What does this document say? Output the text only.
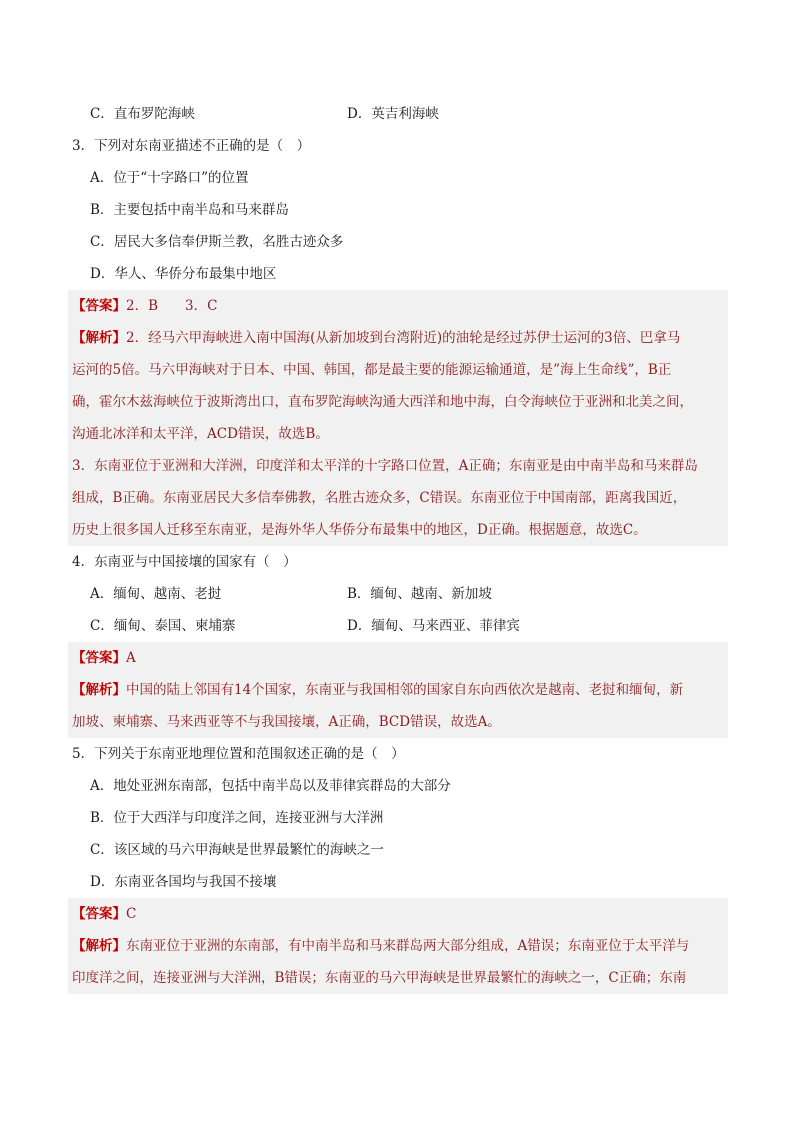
C．直布罗陀海峡	D．英吉利海峡
3．下列对东南亚描述不正确的是（　）
A．位于“十字路口”的位置
B．主要包括中南半岛和马来群岛
C．居民大多信奉伊斯兰教，名胜古迹众多
D．华人、华侨分布最集中地区
【答案】2．B　　3．C
【解析】2．经马六甲海峡进入南中国海(从新加坡到台湾附近)的油轮是经过苏伊士运河的3倍、巴拿马
运河的5倍。马六甲海峡对于日本、中国、韩国，都是最主要的能源运输通道，是”海上生命线”，B正
确，霍尔木兹海峡位于波斯湾出口，直布罗陀海峡沟通大西洋和地中海，白令海峡位于亚洲和北美之间，
沟通北冰洋和太平洋，ACD错误，故选B。
3．东南亚位于亚洲和大洋洲，印度洋和太平洋的十字路口位置，A正确；东南亚是由中南半岛和马来群岛
组成，B正确。东南亚居民大多信奉佛教，名胜古迹众多，C错误。东南亚位于中国南部，距离我国近，
历史上很多国人迁移至东南亚，是海外华人华侨分布最集中的地区，D正确。根据题意，故选C。
4．东南亚与中国接壤的国家有（　）
A．缅甸、越南、老挝	B．缅甸、越南、新加坡
C．缅甸、泰国、柬埔寨	D．缅甸、马来西亚、菲律宾
【答案】A
【解析】中国的陆上邻国有14个国家，东南亚与我国相邻的国家自东向西依次是越南、老挝和缅甸，新
加坡、柬埔寨、马来西亚等不与我国接壤，A正确，BCD错误，故选A。
5．下列关于东南亚地理位置和范围叙述正确的是（　）
A．地处亚洲东南部，包括中南半岛以及菲律宾群岛的大部分
B．位于大西洋与印度洋之间，连接亚洲与大洋洲
C．该区域的马六甲海峡是世界最繁忙的海峡之一
D．东南亚各国均与我国不接壤
【答案】C
【解析】东南亚位于亚洲的东南部，有中南半岛和马来群岛两大部分组成，A错误；东南亚位于太平洋与
印度洋之间，连接亚洲与大洋洲，B错误；东南亚的马六甲海峡是世界最繁忙的海峡之一，C正确；东南
